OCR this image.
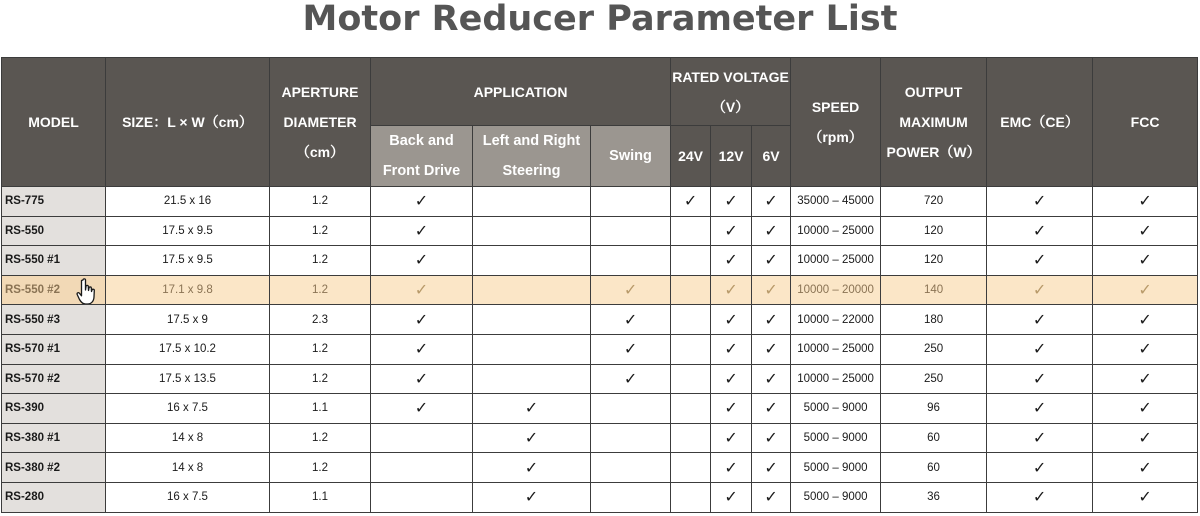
Motor Reducer Parameter List
MODEL	SIZE：L × W（cm）	APERTURE DIAMETER（cm）	APPLICATION			RATED VOLTAGE（V）			SPEED（rpm）	OUTPUT MAXIMUM POWER（W）	EMC（CE）	FCC
			Back and Front Drive	Left and Right Steering	Swing	24V	12V	6V				
RS-775	21.5 x 16	1.2	✓			✓	✓	✓	35000 – 45000	720	✓	✓
RS-550	17.5 x 9.5	1.2	✓				✓	✓	10000 – 25000	120	✓	✓
RS-550 #1	17.5 x 9.5	1.2	✓				✓	✓	10000 – 25000	120	✓	✓
RS-550 #2	17.1 x 9.8	1.2	✓		✓		✓	✓	10000 – 20000	140	✓	✓
RS-550 #3	17.5 x 9	2.3	✓		✓		✓	✓	10000 – 22000	180	✓	✓
RS-570 #1	17.5 x 10.2	1.2	✓		✓		✓	✓	10000 – 25000	250	✓	✓
RS-570 #2	17.5 x 13.5	1.2	✓		✓		✓	✓	10000 – 25000	250	✓	✓
RS-390	16 x 7.5	1.1	✓	✓			✓	✓	5000 – 9000	96	✓	✓
RS-380 #1	14 x 8	1.2		✓			✓	✓	5000 – 9000	60	✓	✓
RS-380 #2	14 x 8	1.2		✓			✓	✓	5000 – 9000	60	✓	✓
RS-280	16 x 7.5	1.1		✓			✓	✓	5000 – 9000	36	✓	✓
